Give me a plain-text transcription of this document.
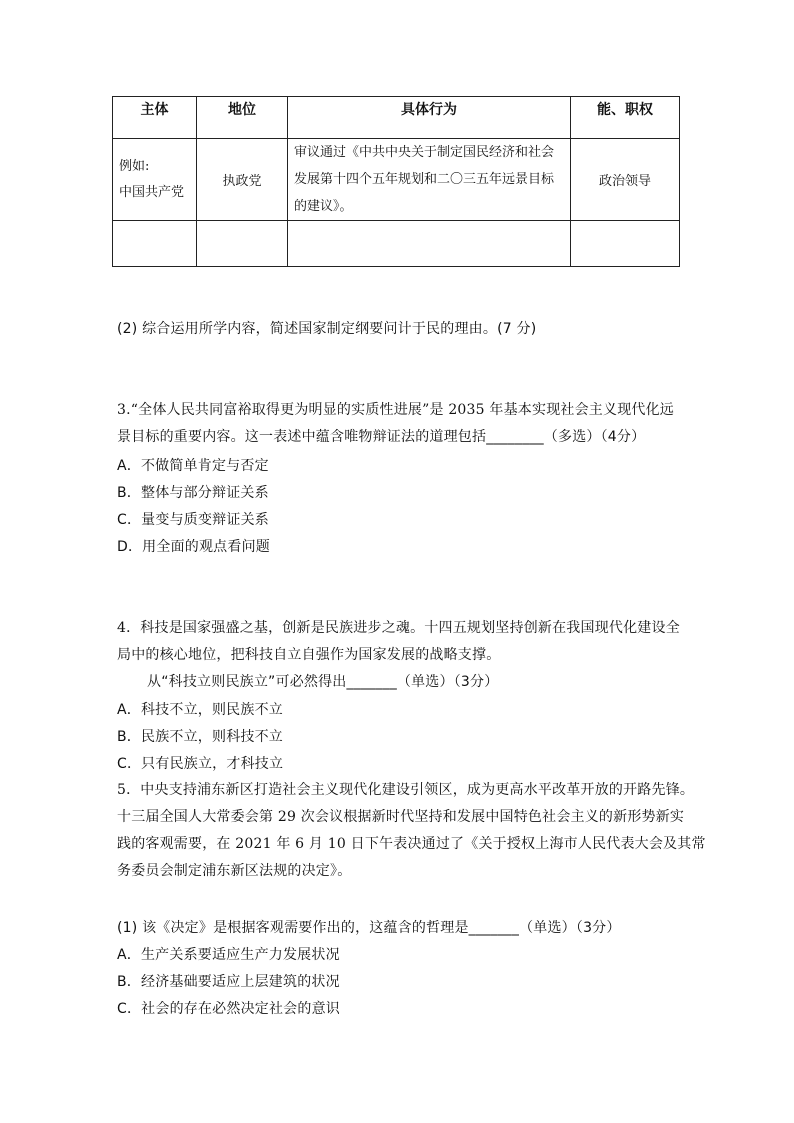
主体	地位	具体行为	能、职权

例如:
中国共产党	执政党	审议通过《中共中央关于制定国民经济和社会发展第十四个五年规划和二〇三五年远景目标的建议》。	政治领导

(2) 综合运用所学内容，简述国家制定纲要问计于民的理由。(7 分)
3.“全体人民共同富裕取得更为明显的实质性进展”是 2035 年基本实现社会主义现代化远
景目标的重要内容。这一表述中蕴含唯物辩证法的道理包括________（多选）（4分）
A．不做简单肯定与否定
B．整体与部分辩证关系
C．量变与质变辩证关系
D．用全面的观点看问题
4．科技是国家强盛之基，创新是民族进步之魂。十四五规划坚持创新在我国现代化建设全
局中的核心地位，把科技自立自强作为国家发展的战略支撑。
从“科技立则民族立”可必然得出_______（单选）（3分）
A．科技不立，则民族不立
B．民族不立，则科技不立
C．只有民族立，才科技立
5．中央支持浦东新区打造社会主义现代化建设引领区，成为更高水平改革开放的开路先锋。
十三届全国人大常委会第 29 次会议根据新时代坚持和发展中国特色社会主义的新形势新实
践的客观需要，在 2021 年 6 月 10 日下午表决通过了《关于授权上海市人民代表大会及其常
务委员会制定浦东新区法规的决定》。
(1) 该《决定》是根据客观需要作出的，这蕴含的哲理是_______（单选）（3分）
A．生产关系要适应生产力发展状况
B．经济基础要适应上层建筑的状况
C．社会的存在必然决定社会的意识
